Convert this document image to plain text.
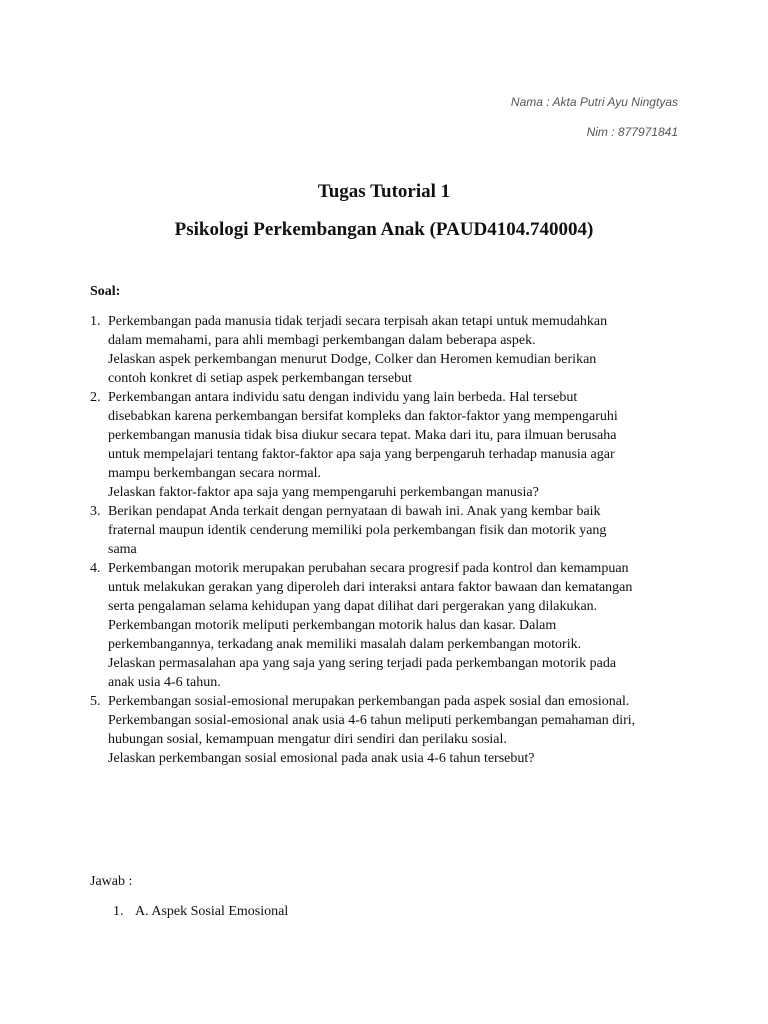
Nama : Akta Putri Ayu Ningtyas
Nim : 877971841
Tugas Tutorial 1
Psikologi Perkembangan Anak (PAUD4104.740004)
Soal:
1. Perkembangan pada manusia tidak terjadi secara terpisah akan tetapi untuk memudahkan
dalam memahami, para ahli membagi perkembangan dalam beberapa aspek.
Jelaskan aspek perkembangan menurut Dodge, Colker dan Heromen kemudian berikan
contoh konkret di setiap aspek perkembangan tersebut
2. Perkembangan antara individu satu dengan individu yang lain berbeda. Hal tersebut
disebabkan karena perkembangan bersifat kompleks dan faktor-faktor yang mempengaruhi
perkembangan manusia tidak bisa diukur secara tepat. Maka dari itu, para ilmuan berusaha
untuk mempelajari tentang faktor-faktor apa saja yang berpengaruh terhadap manusia agar
mampu berkembangan secara normal.
Jelaskan faktor-faktor apa saja yang mempengaruhi perkembangan manusia?
3. Berikan pendapat Anda terkait dengan pernyataan di bawah ini. Anak yang kembar baik
fraternal maupun identik cenderung memiliki pola perkembangan fisik dan motorik yang
sama
4. Perkembangan motorik merupakan perubahan secara progresif pada kontrol dan kemampuan
untuk melakukan gerakan yang diperoleh dari interaksi antara faktor bawaan dan kematangan
serta pengalaman selama kehidupan yang dapat dilihat dari pergerakan yang dilakukan.
Perkembangan motorik meliputi perkembangan motorik halus dan kasar. Dalam
perkembangannya, terkadang anak memiliki masalah dalam perkembangan motorik.
Jelaskan permasalahan apa yang saja yang sering terjadi pada perkembangan motorik pada
anak usia 4-6 tahun.
5. Perkembangan sosial-emosional merupakan perkembangan pada aspek sosial dan emosional.
Perkembangan sosial-emosional anak usia 4-6 tahun meliputi perkembangan pemahaman diri,
hubungan sosial, kemampuan mengatur diri sendiri dan perilaku sosial.
Jelaskan perkembangan sosial emosional pada anak usia 4-6 tahun tersebut?
Jawab :
1. A. Aspek Sosial Emosional
